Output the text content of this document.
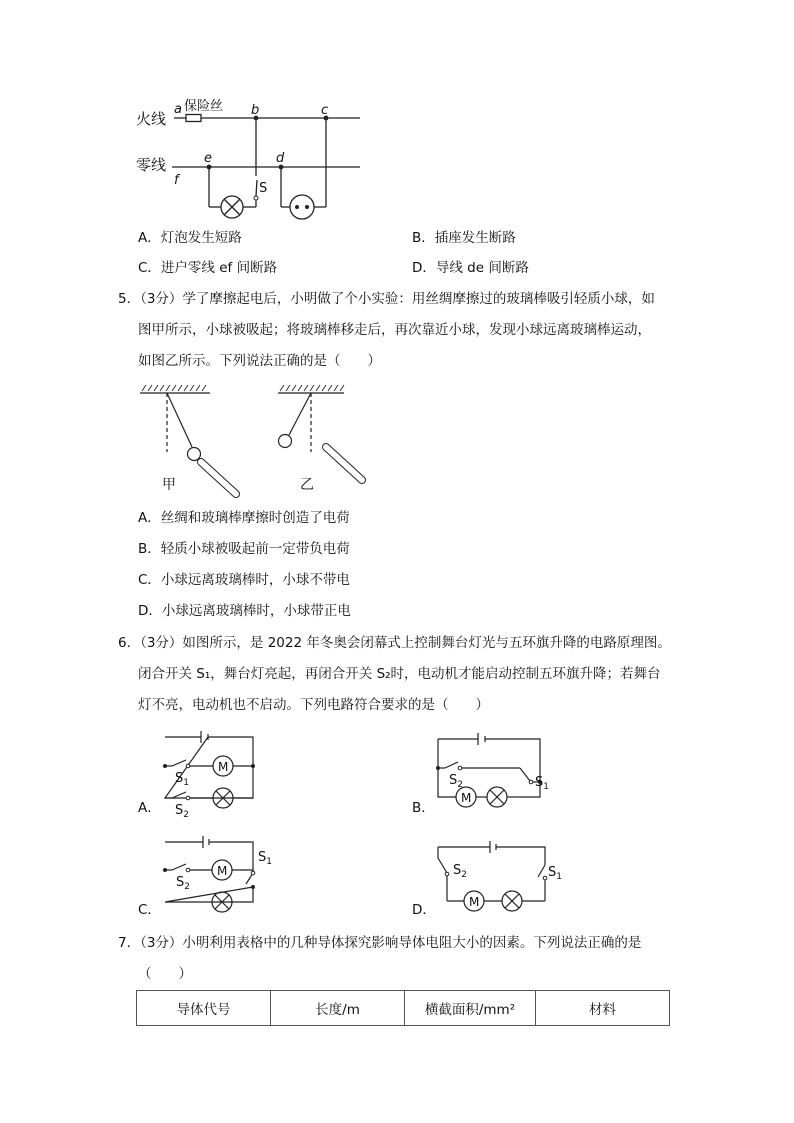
火线
零线
保险丝
a	b	c
d
e
f
S
A．灯泡发生短路	B．插座发生断路
C．进户零线 ef 间断路	D．导线 de 间断路
5．（3分）学了摩擦起电后，小明做了个小实验：用丝绸摩擦过的玻璃棒吸引轻质小球，如
图甲所示，小球被吸起；将玻璃棒移走后，再次靠近小球，发现小球远离玻璃棒运动，
如图乙所示。下列说法正确的是（　　）
甲	乙
A．丝绸和玻璃棒摩擦时创造了电荷
B．轻质小球被吸起前一定带负电荷
C．小球远离玻璃棒时，小球不带电
D．小球远离玻璃棒时，小球带正电
6．（3分）如图所示，是 2022 年冬奥会闭幕式上控制舞台灯光与五环旗升降的电路原理图。
闭合开关 S₁，舞台灯亮起，再闭合开关 S₂时，电动机才能启动控制五环旗升降；若舞台
灯不亮，电动机也不启动。下列电路符合要求的是（　　）
M
$S_1$
$S_2$
A．
M
$S_2$	$S_1$
B．
M
$S_2$
$S_1$
C．	M
$S_2$	$S_1$
D．
7．（3分）小明利用表格中的几种导体探究影响导体电阻大小的因素。下列说法正确的是
（　　）
导体代号	长度/m	横截面积/mm²	材料
